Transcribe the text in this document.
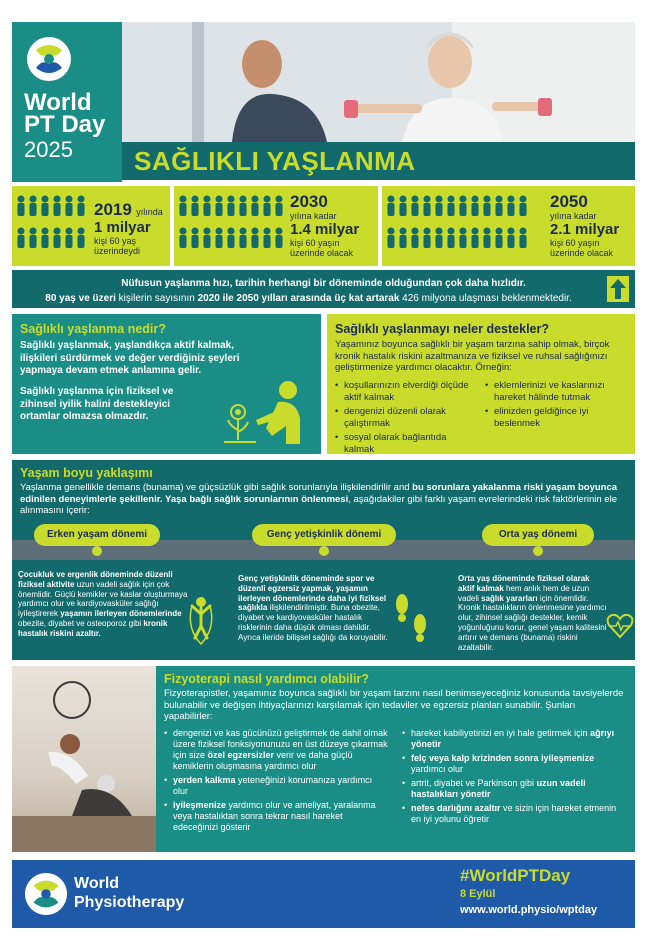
World
PT Day
2025 SAĞLIKLI YAŞLANMA
2019 yılında
1 milyar
kişi 60 yaş
üzerindeydi
2030
yılına kadar
1.4 milyar
kişi 60 yaşın
üzerinde olacak
2050
yılına kadar
2.1 milyar
kişi 60 yaşın
üzerinde olacak
Nüfusun yaşlanma hızı, tarihin herhangi bir döneminde olduğundan çok daha hızlıdır.
80 yaş ve üzeri kişilerin sayısının 2020 ile 2050 yılları arasında üç kat artarak 426 milyona ulaşması beklenmektedir.
Sağlıklı yaşlanma nedir?
Sağlıklı yaşlanmak, yaşlandıkça aktif kalmak, ilişkileri sürdürmek ve değer verdiğiniz şeyleri yapmaya devam etmek anlamına gelir.
Sağlıklı yaşlanma için fiziksel ve zihinsel iyilik halini destekleyici ortamlar olmazsa olmazdır.
Sağlıklı yaşlanmayı neler destekler?
Yaşamınız boyunca sağlıklı bir yaşam tarzına sahip olmak, birçok kronik hastalık riskini azaltmanıza ve fiziksel ve ruhsal sağlığınızı geliştirmenize yardımcı olacaktır. Örneğin:
• koşullarınızın elverdiği ölçüde aktif kalmak
• dengenizi düzenli olarak çalıştırmak
• sosyal olarak bağlantıda kalmak
• eklemlerinizi ve kaslarınızı hareket hâlinde tutmak
• elinizden geldiğince iyi beslenmek
Yaşam boyu yaklaşımı
Yaşlanma genellikle demans (bunama) ve güçsüzlük gibi sağlık sorunlarıyla ilişkilendirilir and bu sorunlara yakalanma riski yaşam boyunca edinilen deneyimlerle şekillenir. Yaşa bağlı sağlık sorunlarının önlenmesi, aşağıdakiler gibi farklı yaşam evrelerindeki risk faktörlerinin ele alınmasını içerir:
Erken yaşam dönemi	Genç yetişkinlik dönemi	Orta yaş dönemi
Çocukluk ve ergenlik döneminde düzenli fiziksel aktivite uzun vadeli sağlık için çok önemlidir. Güçlü kemikler ve kaslar oluşturmaya yardımcı olur ve kardiyovasküler sağlığı iyileştirerek yaşamın ilerleyen dönemlerinde obezite, diyabet ve osteoporoz gibi kronik hastalık riskini azaltır.
Genç yetişkinlik döneminde spor ve düzenli egzersiz yapmak, yaşamın ilerleyen dönemlerinde daha iyi fiziksel sağlıkla ilişkilendirilmiştir. Buna obezite, diyabet ve kardiyovasküler hastalık risklerinin daha düşük olması dahildir. Ayrıca ileride bilişsel sağlığı da koruyabilir.
Orta yaş döneminde fiziksel olarak aktif kalmak hem anlık hem de uzun vadeli sağlık yararları için önemlidir. Kronik hastalıkların önlenmesine yardımcı olur, zihinsel sağlığı destekler, kemik yoğunluğunu korur, genel yaşam kalitesini artırır ve demans (bunama) riskini azaltabilir.
Fizyoterapi nasıl yardımcı olabilir?
Fizyoterapistler, yaşamınız boyunca sağlıklı bir yaşam tarzını nasıl benimseyeceğiniz konusunda tavsiyelerde bulunabilir ve değişen ihtiyaçlarınızı karşılamak için tedaviler ve egzersiz planları sunabilir. Şunları yapabilirler:
• dengenizi ve kas gücünüzü geliştirmek de dahil olmak üzere fiziksel fonksiyonunuzu en üst düzeye çıkarmak için size özel egzersizler verir ve daha güçlü kemiklerin oluşmasına yardımcı olur
• yerden kalkma yeteneğinizi korumanıza yardımcı olur
• iyileşmenize yardımcı olur ve ameliyat, yaralanma veya hastalıktan sonra tekrar nasıl hareket edeceğinizi gösterir
• hareket kabiliyetinizi en iyi hale getirmek için ağrıyı yönetir
• felç veya kalp krizinden sonra iyileşmenize yardımcı olur
• artrit, diyabet ve Parkinson gibi uzun vadeli hastalıkları yönetir
• nefes darlığını azaltır ve sizin için hareket etmenin en iyi yolunu öğretir
World
Physiotherapy
#WorldPTDay
8 Eylül
www.world.physio/wptday
